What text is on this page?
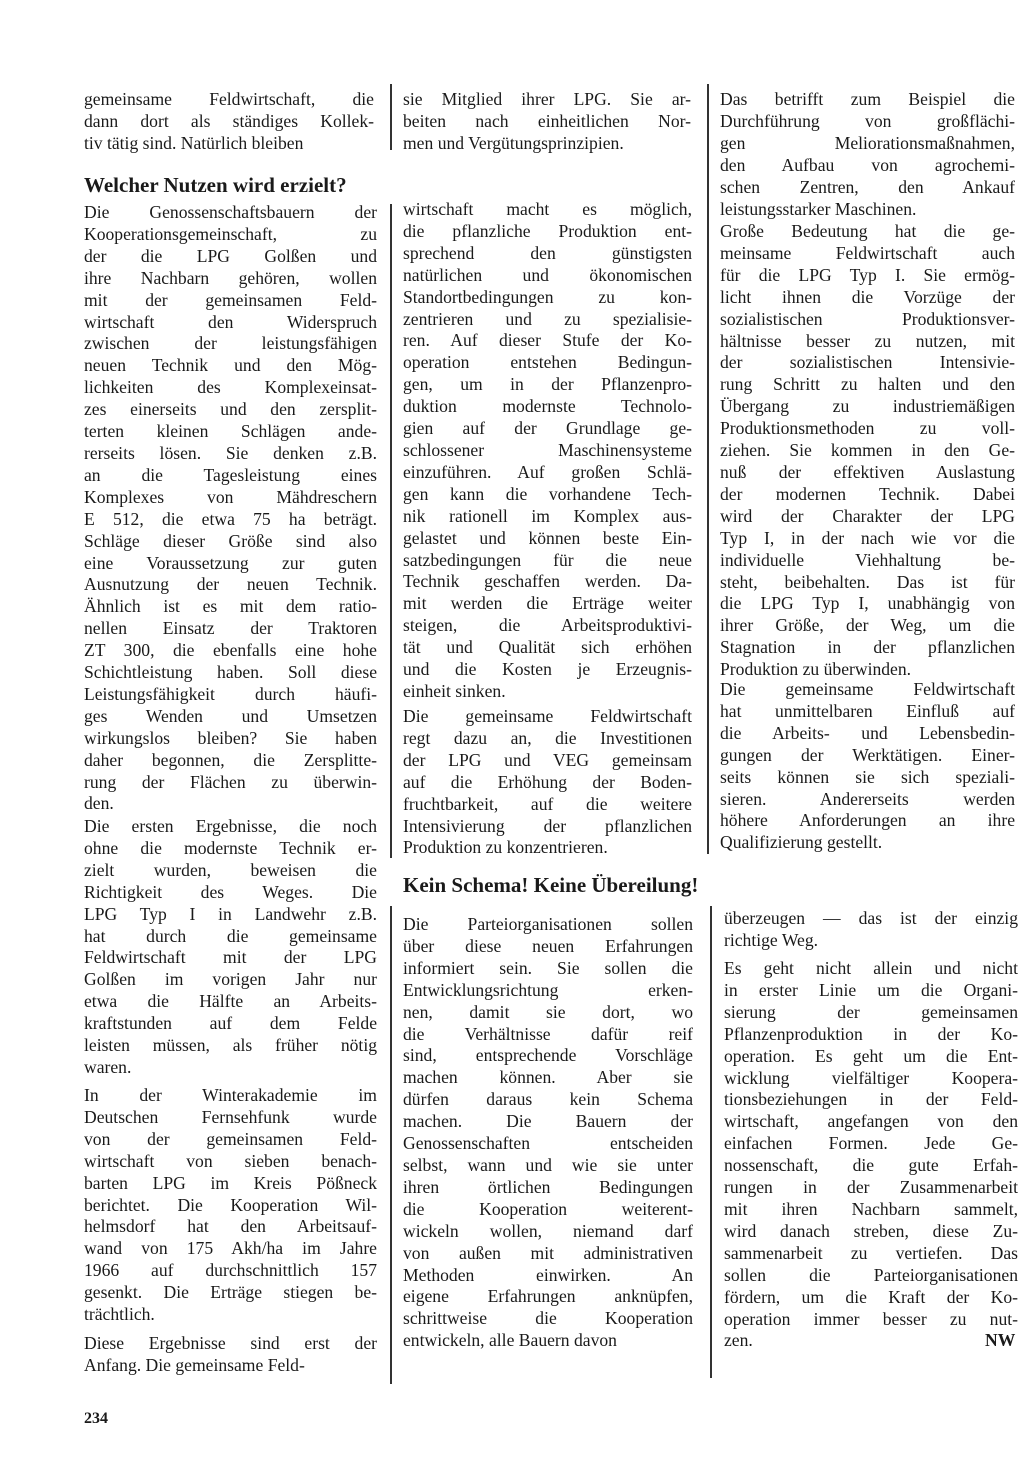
gemeinsame Feldwirtschaft, die
dann dort als ständiges Kollek-
tiv tätig sind. Natürlich bleiben
sie Mitglied ihrer LPG. Sie ar-
beiten nach einheitlichen Nor-
men und Vergütungsprinzipien.
Welcher Nutzen wird erzielt?
Die Genossenschaftsbauern der
Kooperationsgemeinschaft, zu
der die LPG Golßen und
ihre Nachbarn gehören, wollen
mit der gemeinsamen Feld-
wirtschaft den Widerspruch
zwischen der leistungsfähigen
neuen Technik und den Mög-
lichkeiten des Komplexeinsat-
zes einerseits und den zersplit-
terten kleinen Schlägen ande-
rerseits lösen. Sie denken z.B.
an die Tagesleistung eines
Komplexes von Mähdreschern
E 512, die etwa 75 ha beträgt.
Schläge dieser Größe sind also
eine Voraussetzung zur guten
Ausnutzung der neuen Technik.
Ähnlich ist es mit dem ratio-
nellen Einsatz der Traktoren
ZT 300, die ebenfalls eine hohe
Schichtleistung haben. Soll diese
Leistungsfähigkeit durch häufi-
ges Wenden und Umsetzen
wirkungslos bleiben? Sie haben
daher begonnen, die Zersplitte-
rung der Flächen zu überwin-
den.
Die ersten Ergebnisse, die noch
ohne die modernste Technik er-
zielt wurden, beweisen die
Richtigkeit des Weges. Die
LPG Typ I in Landwehr z.B.
hat durch die gemeinsame
Feldwirtschaft mit der LPG
Golßen im vorigen Jahr nur
etwa die Hälfte an Arbeits-
kraftstunden auf dem Felde
leisten müssen, als früher nötig
waren.
In der Winterakademie im
Deutschen Fernsehfunk wurde
von der gemeinsamen Feld-
wirtschaft von sieben benach-
barten LPG im Kreis Pößneck
berichtet. Die Kooperation Wil-
helmsdorf hat den Arbeitsauf-
wand von 175 Akh/ha im Jahre
1966 auf durchschnittlich 157
gesenkt. Die Erträge stiegen be-
trächtlich.
Diese Ergebnisse sind erst der
Anfang. Die gemeinsame Feld-
wirtschaft macht es möglich,
die pflanzliche Produktion ent-
sprechend den günstigsten
natürlichen und ökonomischen
Standortbedingungen zu kon-
zentrieren und zu spezialisie-
ren. Auf dieser Stufe der Ko-
operation entstehen Bedingun-
gen, um in der Pflanzenpro-
duktion modernste Technolo-
gien auf der Grundlage ge-
schlossener Maschinensysteme
einzuführen. Auf großen Schlä-
gen kann die vorhandene Tech-
nik rationell im Komplex aus-
gelastet und können beste Ein-
satzbedingungen für die neue
Technik geschaffen werden. Da-
mit werden die Erträge weiter
steigen, die Arbeitsproduktivi-
tät und Qualität sich erhöhen
und die Kosten je Erzeugnis-
einheit sinken.
Die gemeinsame Feldwirtschaft
regt dazu an, die Investitionen
der LPG und VEG gemeinsam
auf die Erhöhung der Boden-
fruchtbarkeit, auf die weitere
Intensivierung der pflanzlichen
Produktion zu konzentrieren.
Das betrifft zum Beispiel die
Durchführung von großflächi-
gen Meliorationsmaßnahmen,
den Aufbau von agrochemi-
schen Zentren, den Ankauf
leistungsstarker Maschinen.
Große Bedeutung hat die ge-
meinsame Feldwirtschaft auch
für die LPG Typ I. Sie ermög-
licht ihnen die Vorzüge der
sozialistischen Produktionsver-
hältnisse besser zu nutzen, mit
der sozialistischen Intensivie-
rung Schritt zu halten und den
Übergang zu industriemäßigen
Produktionsmethoden zu voll-
ziehen. Sie kommen in den Ge-
nuß der effektiven Auslastung
der modernen Technik. Dabei
wird der Charakter der LPG
Typ I, in der nach wie vor die
individuelle Viehhaltung be-
steht, beibehalten. Das ist für
die LPG Typ I, unabhängig von
ihrer Größe, der Weg, um die
Stagnation in der pflanzlichen
Produktion zu überwinden.
Die gemeinsame Feldwirtschaft
hat unmittelbaren Einfluß auf
die Arbeits- und Lebensbedin-
gungen der Werktätigen. Einer-
seits können sie sich speziali-
sieren. Andererseits werden
höhere Anforderungen an ihre
Qualifizierung gestellt.
Kein Schema! Keine Übereilung!
Die Parteiorganisationen sollen
über diese neuen Erfahrungen
informiert sein. Sie sollen die
Entwicklungsrichtung erken-
nen, damit sie dort, wo
die Verhältnisse dafür reif
sind, entsprechende Vorschläge
machen können. Aber sie
dürfen daraus kein Schema
machen. Die Bauern der
Genossenschaften entscheiden
selbst, wann und wie sie unter
ihren örtlichen Bedingungen
die Kooperation weiterent-
wickeln wollen, niemand darf
von außen mit administrativen
Methoden einwirken. An
eigene Erfahrungen anknüpfen,
schrittweise die Kooperation
entwickeln, alle Bauern davon
überzeugen — das ist der einzig
richtige Weg.
Es geht nicht allein und nicht
in erster Linie um die Organi-
sierung der gemeinsamen
Pflanzenproduktion in der Ko-
operation. Es geht um die Ent-
wicklung vielfältiger Koopera-
tionsbeziehungen in der Feld-
wirtschaft, angefangen von den
einfachen Formen. Jede Ge-
nossenschaft, die gute Erfah-
rungen in der Zusammenarbeit
mit ihren Nachbarn sammelt,
wird danach streben, diese Zu-
sammenarbeit zu vertiefen. Das
sollen die Parteiorganisationen
fördern, um die Kraft der Ko-
operation immer besser zu nut-
zen.	NW
234
